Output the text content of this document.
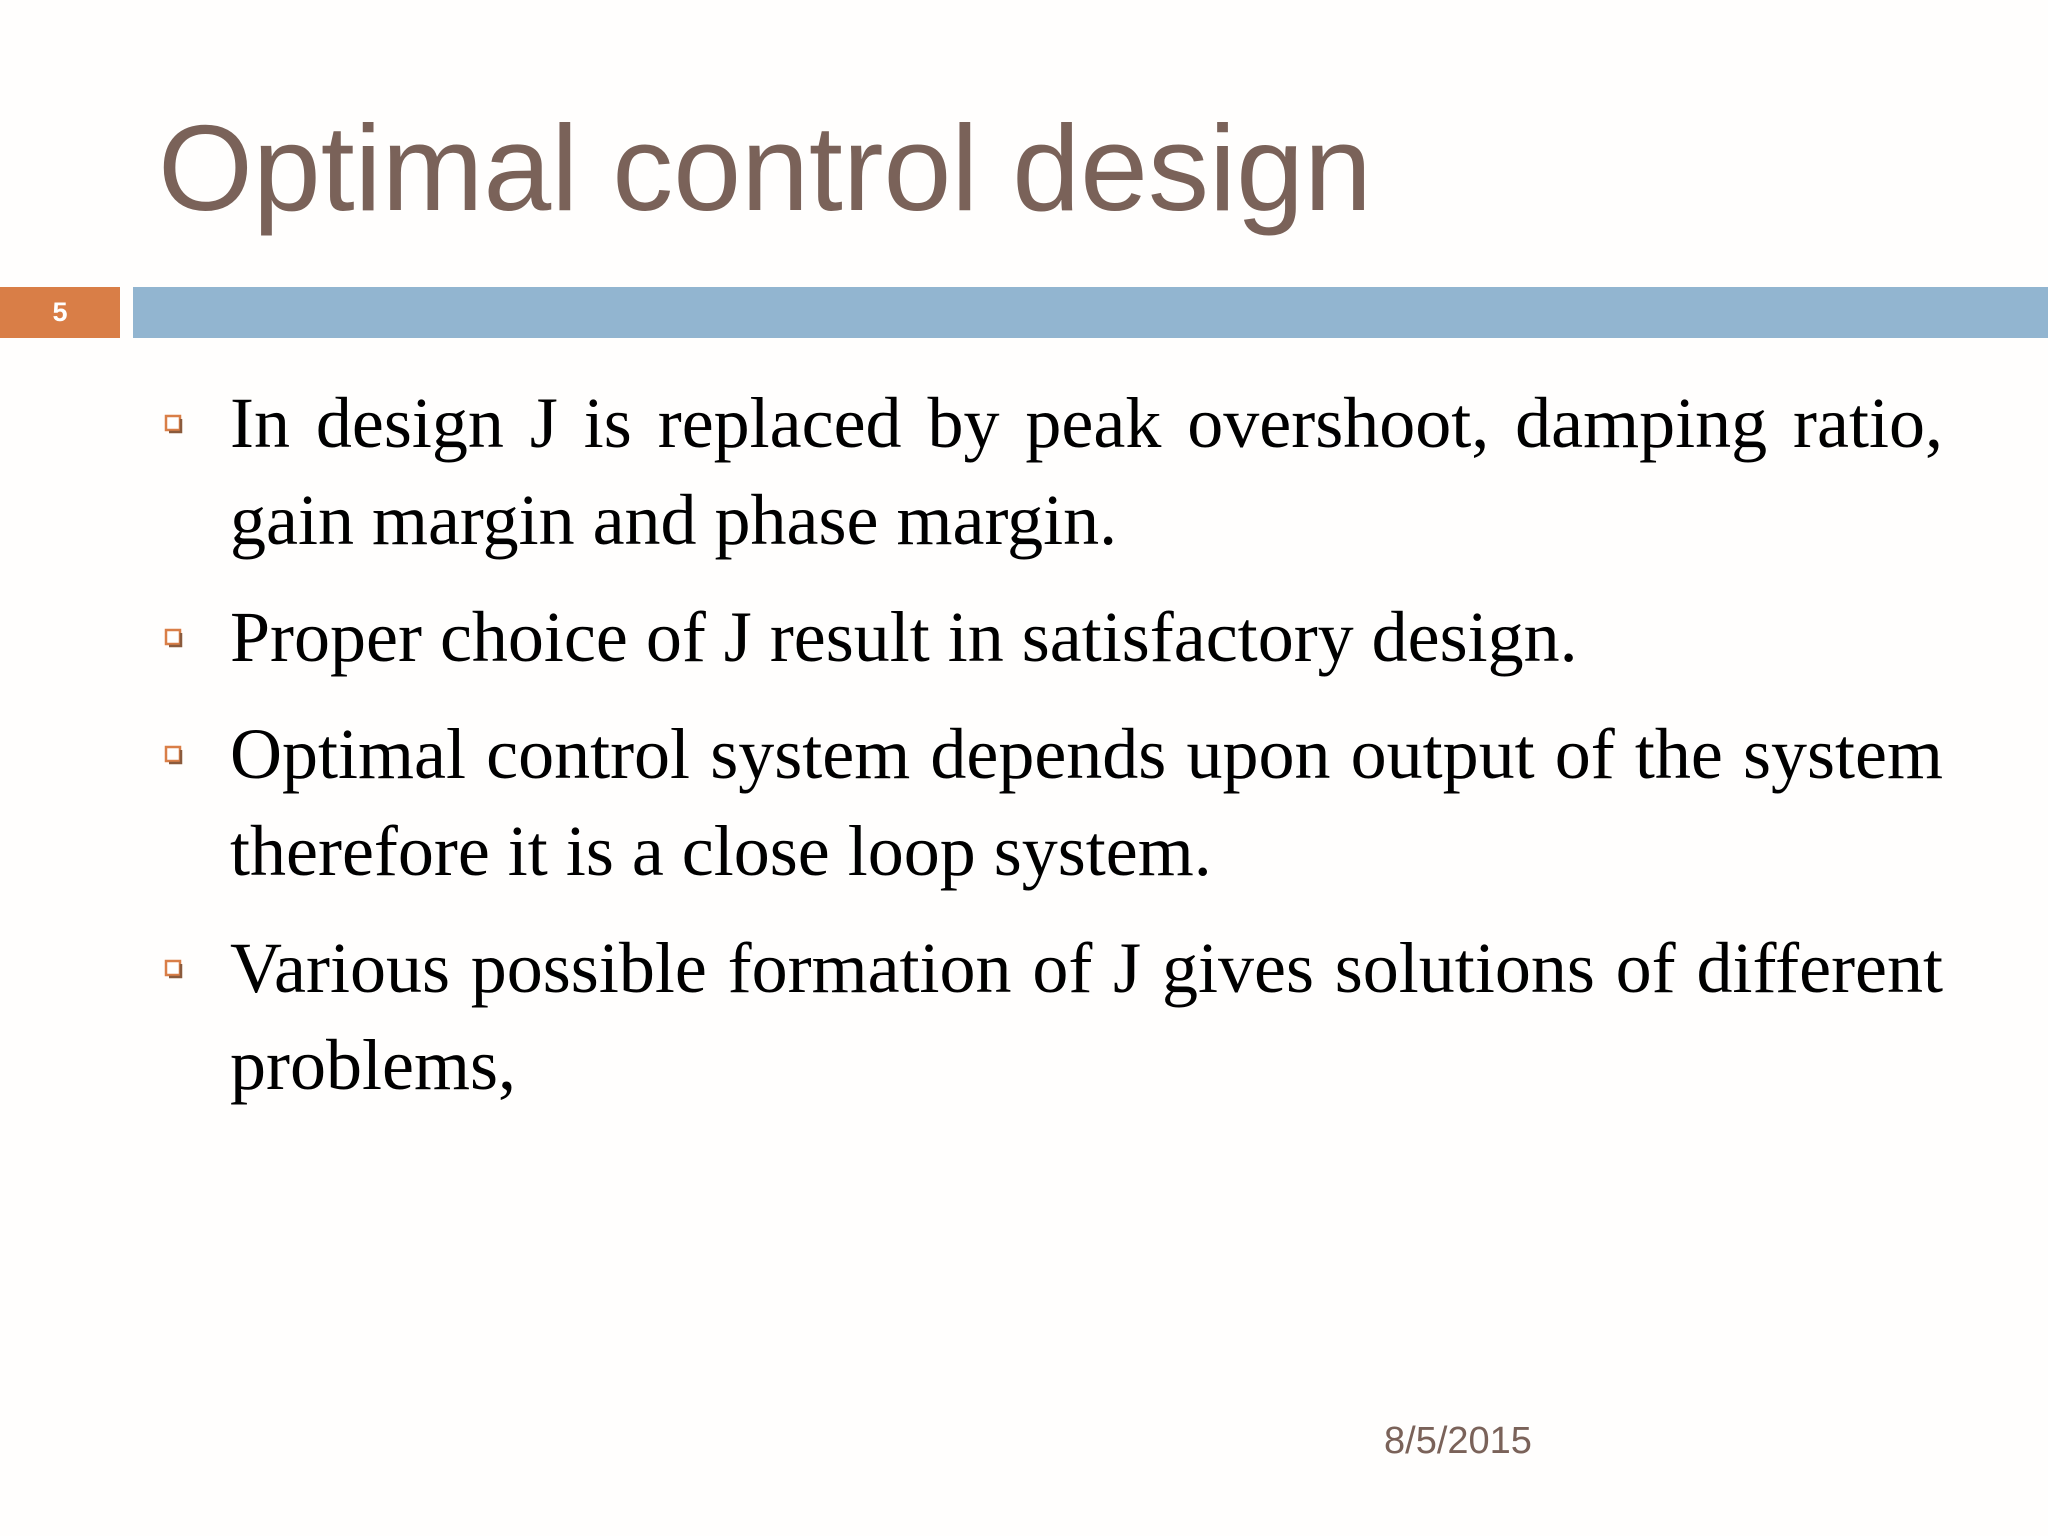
Optimal control design
5
In design J is replaced by peak overshoot, damping ratio, gain margin and phase margin.
Proper choice of J result in satisfactory design.
Optimal control system depends upon output of the system therefore it is a close loop system.
Various possible formation of J gives solutions of different problems,
8/5/2015
